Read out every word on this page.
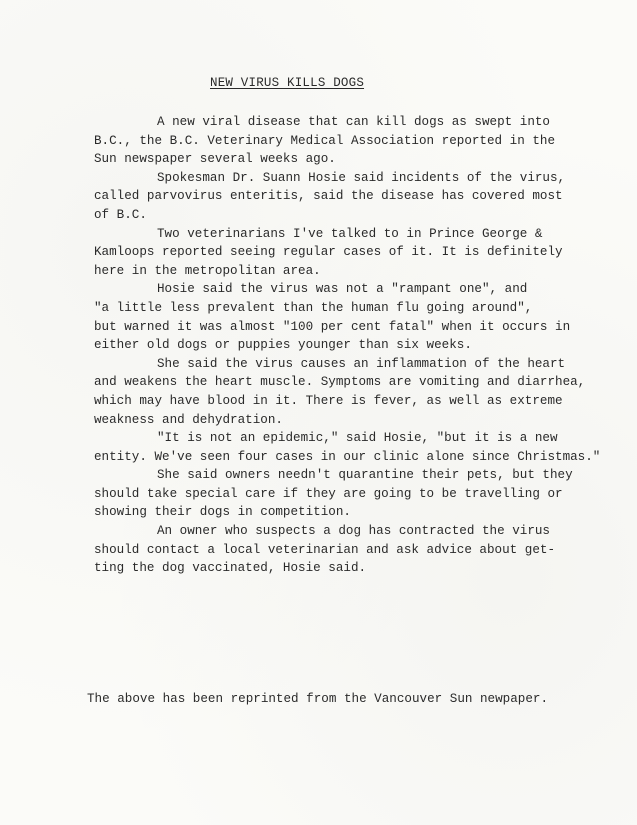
NEW VIRUS KILLS DOGS
A new viral disease that can kill dogs as swept into
B.C., the B.C. Veterinary Medical Association reported in the
Sun newspaper several weeks ago.
Spokesman Dr. Suann Hosie said incidents of the virus,
called parvovirus enteritis, said the disease has covered most
of B.C.
Two veterinarians I've talked to in Prince George &
Kamloops reported seeing regular cases of it. It is definitely
here in the metropolitan area.
Hosie said the virus was not a "rampant one", and
"a little less prevalent than the human flu going around",
but warned it was almost "100 per cent fatal" when it occurs in
either old dogs or puppies younger than six weeks.
She said the virus causes an inflammation of the heart
and weakens the heart muscle. Symptoms are vomiting and diarrhea,
which may have blood in it. There is fever, as well as extreme
weakness and dehydration.
"It is not an epidemic," said Hosie, "but it is a new
entity. We've seen four cases in our clinic alone since Christmas."
She said owners needn't quarantine their pets, but they
should take special care if they are going to be travelling or
showing their dogs in competition.
An owner who suspects a dog has contracted the virus
should contact a local veterinarian and ask advice about get-
ting the dog vaccinated, Hosie said.
The above has been reprinted from the Vancouver Sun newpaper.
